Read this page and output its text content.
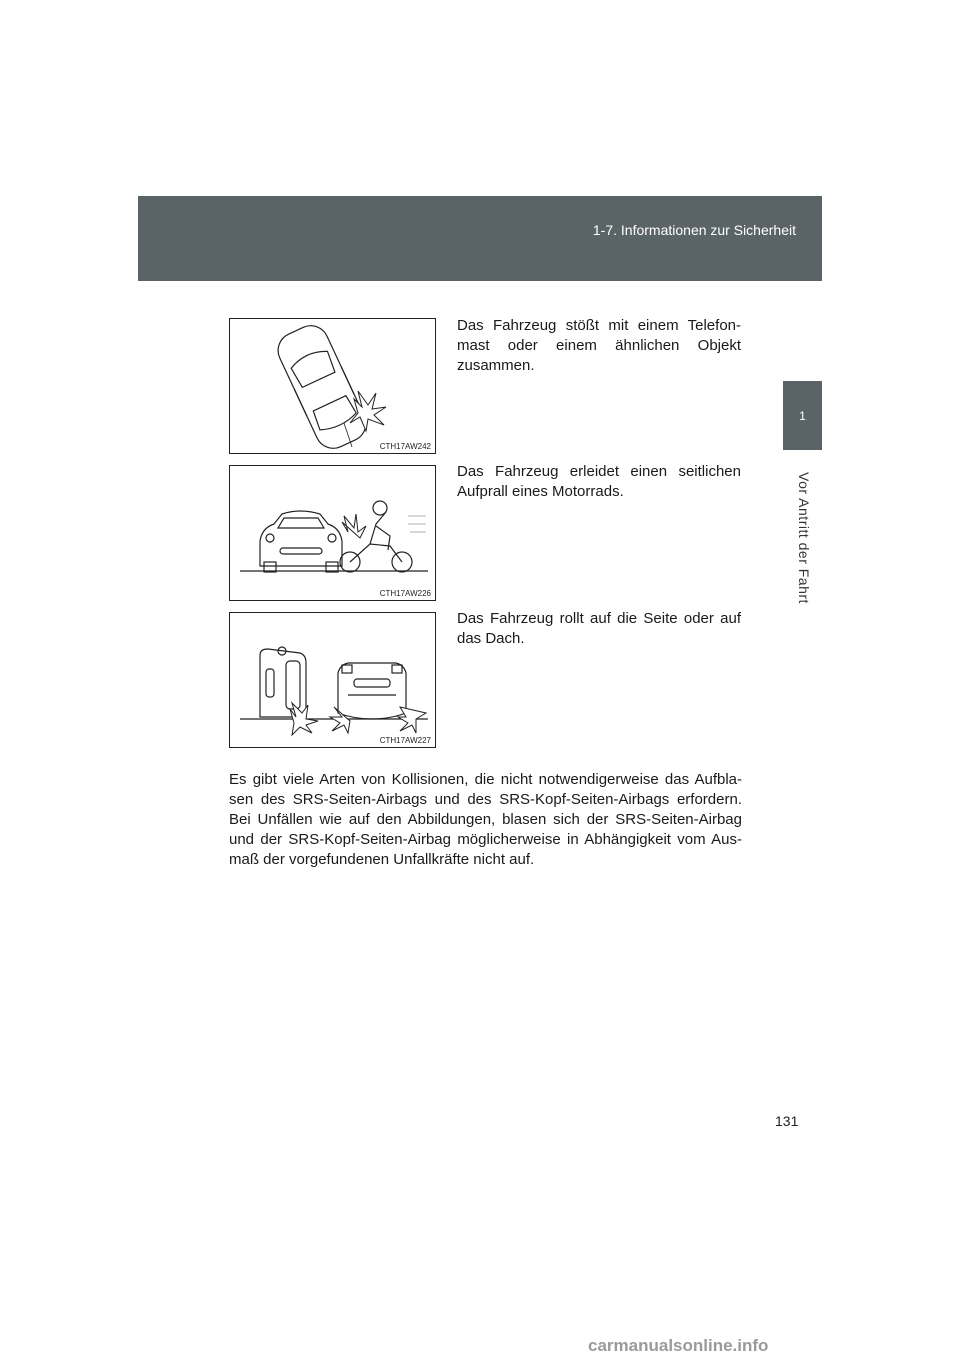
1-7. Informationen zur Sicherheit
1
Vor Antritt der Fahrt
CTH17AW242
Das Fahrzeug stößt mit einem Telefon-mast oder einem ähnlichen Objekt zusammen.
CTH17AW226
Das Fahrzeug erleidet einen seitlichen Aufprall eines Motorrads.
CTH17AW227
Das Fahrzeug rollt auf die Seite oder auf das Dach.
Es gibt viele Arten von Kollisionen, die nicht notwendigerweise das Aufbla-sen des SRS-Seiten-Airbags und des SRS-Kopf-Seiten-Airbags erfordern. Bei Unfällen wie auf den Abbildungen, blasen sich der SRS-Seiten-Airbag und der SRS-Kopf-Seiten-Airbag möglicherweise in Abhängigkeit vom Aus-maß der vorgefundenen Unfallkräfte nicht auf.
131
carmanualsonline.info
